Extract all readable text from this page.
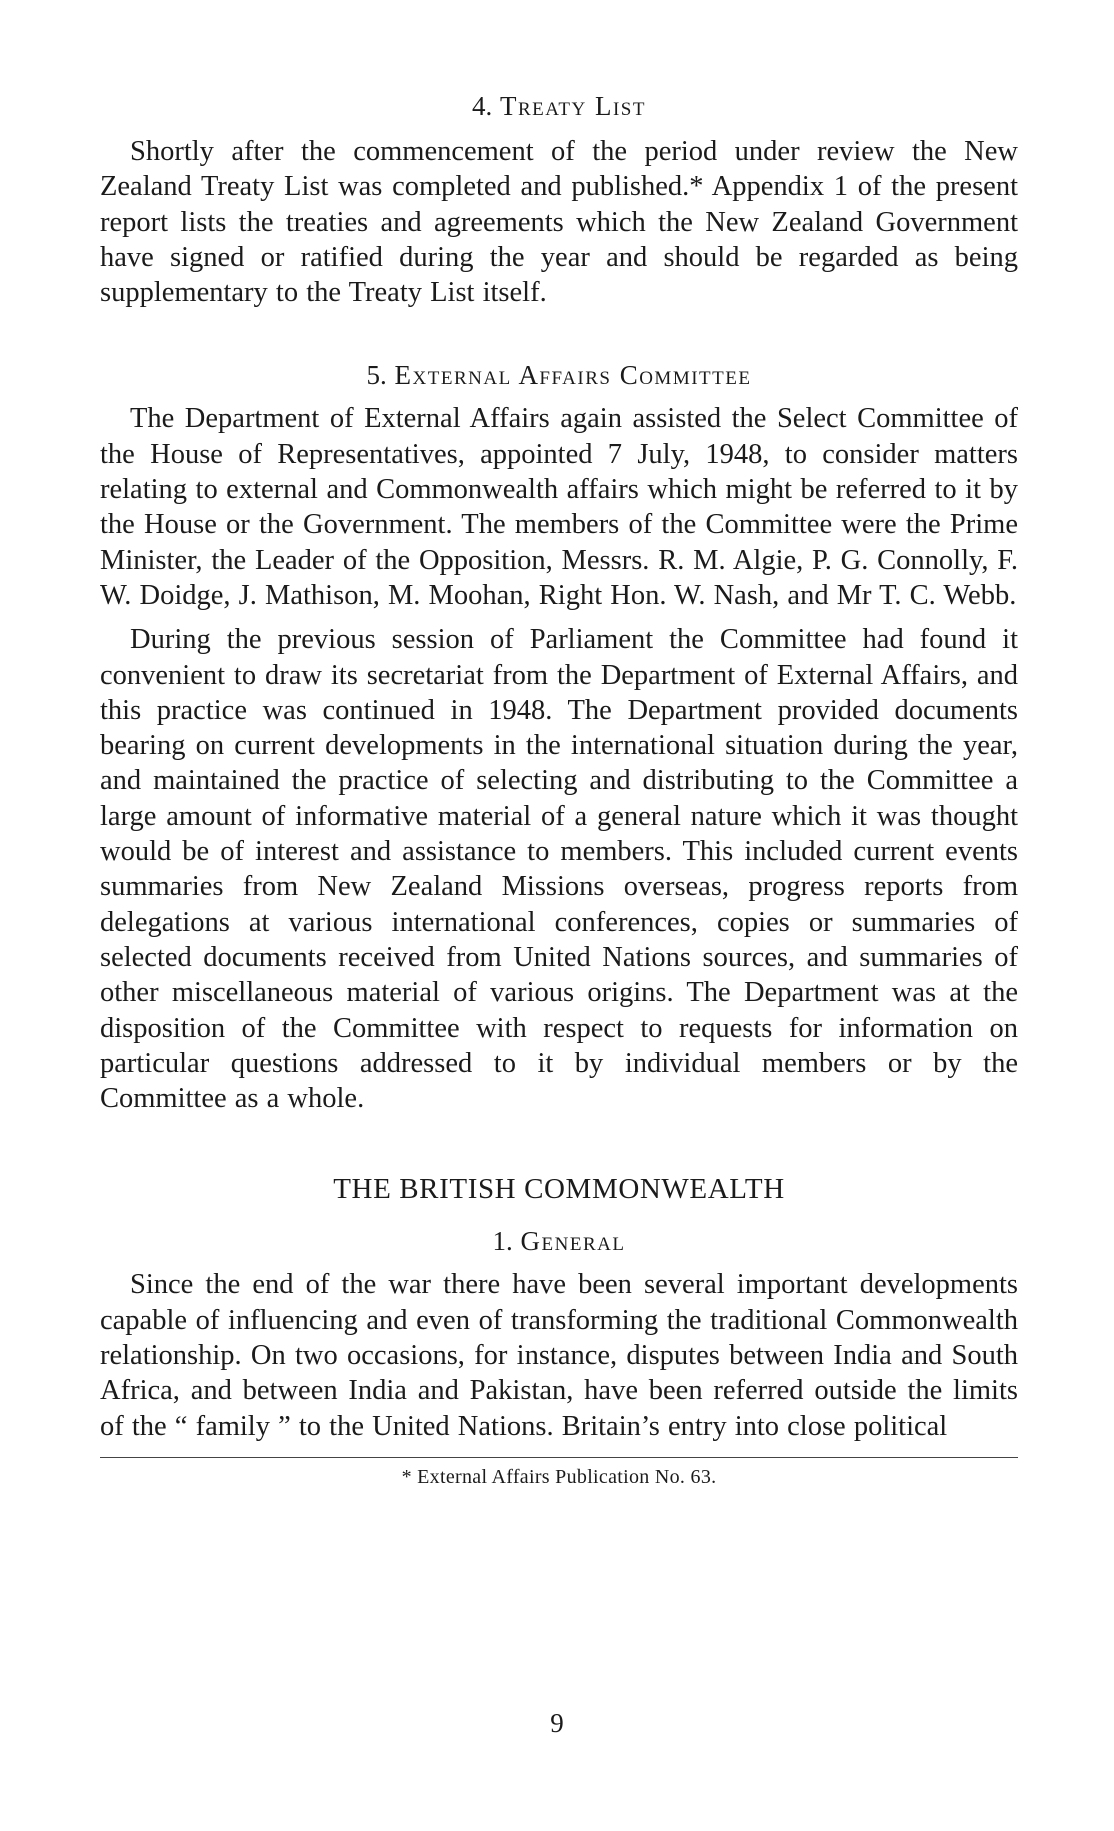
4. Treaty List

Shortly after the commencement of the period under review the New Zealand Treaty List was completed and published.* Appendix 1 of the present report lists the treaties and agreements which the New Zealand Government have signed or ratified during the year and should be regarded as being supplementary to the Treaty List itself.

5. External Affairs Committee

The Department of External Affairs again assisted the Select Committee of the House of Representatives, appointed 7 July, 1948, to consider matters relating to external and Commonwealth affairs which might be referred to it by the House or the Government. The members of the Committee were the Prime Minister, the Leader of the Opposition, Messrs. R. M. Algie, P. G. Connolly, F. W. Doidge, J. Mathison, M. Moohan, Right Hon. W. Nash, and Mr T. C. Webb.

During the previous session of Parliament the Committee had found it convenient to draw its secretariat from the Department of External Affairs, and this practice was continued in 1948. The Department provided documents bearing on current developments in the international situation during the year, and maintained the practice of selecting and distributing to the Committee a large amount of informative material of a general nature which it was thought would be of interest and assistance to members. This included current events summaries from New Zealand Missions overseas, progress reports from delegations at various international conferences, copies or summaries of selected documents received from United Nations sources, and summaries of other miscellaneous material of various origins. The Department was at the disposition of the Committee with respect to requests for information on particular questions addressed to it by individual members or by the Committee as a whole.

THE BRITISH COMMONWEALTH
1. General

Since the end of the war there have been several important developments capable of influencing and even of transforming the traditional Commonwealth relationship. On two occasions, for instance, disputes between India and South Africa, and between India and Pakistan, have been referred outside the limits of the “ family ” to the United Nations. Britain’s entry into close political

* External Affairs Publication No. 63.
9
